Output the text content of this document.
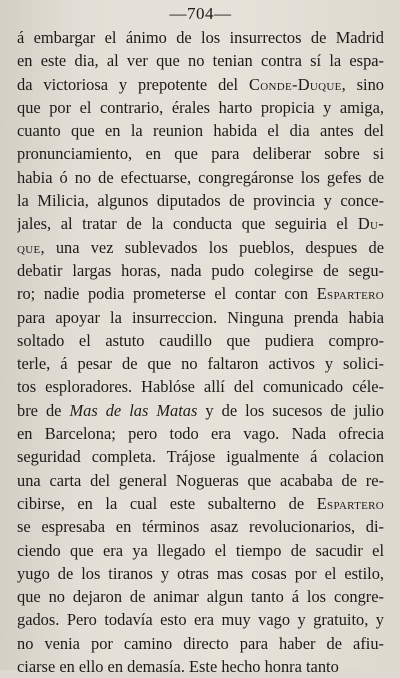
—704—
á embargar el ánimo de los insurrectos de Madrid
en este dia, al ver que no tenian contra sí la espa-
da victoriosa y prepotente del Conde-Duque, sino
que por el contrario, érales harto propicia y amiga,
cuanto que en la reunion habida el dia antes del
pronunciamiento, en que para deliberar sobre si
habia ó no de efectuarse, congregáronse los gefes de
la Milicia, algunos diputados de provincia y conce-
jales, al tratar de la conducta que seguiria el Du-
que, una vez sublevados los pueblos, despues de
debatir largas horas, nada pudo colegirse de segu-
ro; nadie podia prometerse el contar con Espartero
para apoyar la insurreccion. Ninguna prenda habia
soltado el astuto caudillo que pudiera compro-
terle, á pesar de que no faltaron activos y solici-
tos esploradores. Hablóse allí del comunicado céle-
bre de Mas de las Matas y de los sucesos de julio
en Barcelona; pero todo era vago. Nada ofrecia
seguridad completa. Trájose igualmente á colacion
una carta del general Nogueras que acababa de re-
cibirse, en la cual este subalterno de Espartero
se espresaba en términos asaz revolucionarios, di-
ciendo que era ya llegado el tiempo de sacudir el
yugo de los tiranos y otras mas cosas por el estilo,
que no dejaron de animar algun tanto á los congre-
gados. Pero todavía esto era muy vago y gratuito, y
no venia por camino directo para haber de afiu-
ciarse en ello en demasía. Este hecho honra tanto
